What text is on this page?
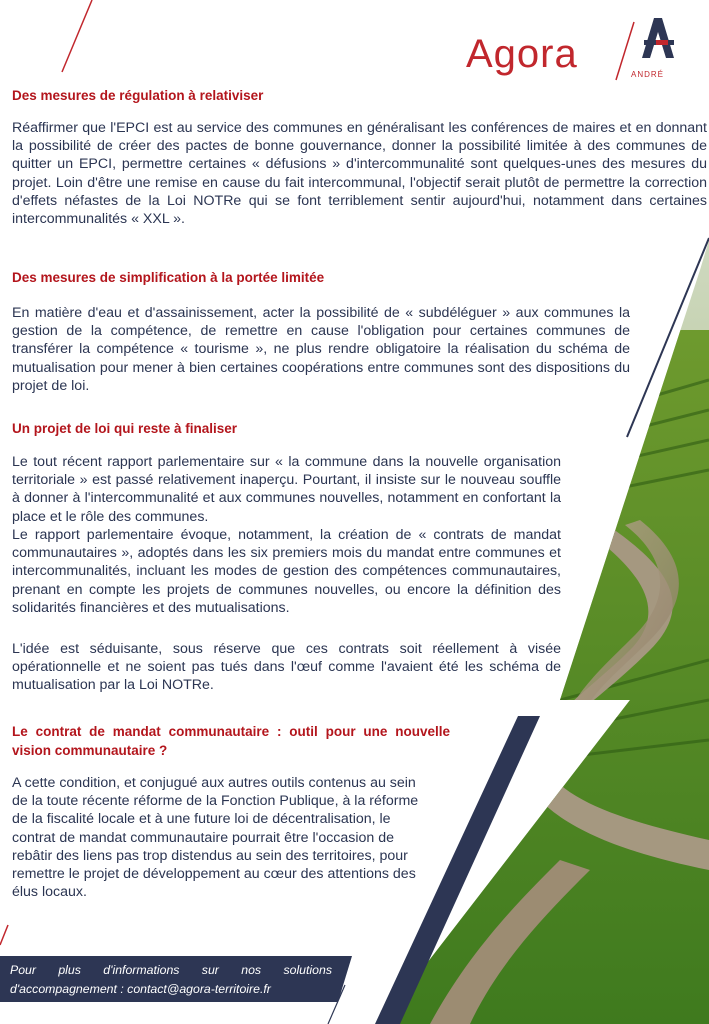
Agora	ANDRÉ
Des mesures de régulation à relativiser

Réaffirmer que l'EPCI est au service des communes en généralisant les conférences de maires et en donnant la possibilité de créer des pactes de bonne gouvernance, donner la possibilité limitée à des communes de quitter un EPCI, permettre certaines « défusions » d'intercommunalité sont quelques-unes des mesures du projet. Loin d'être une remise en cause du fait intercommunal, l'objectif serait plutôt de permettre la correction d'effets néfastes de la Loi NOTRe qui se font terriblement sentir aujourd'hui, notamment dans certaines intercommunalités « XXL ».

Des mesures de simplification à la portée limitée

En matière d'eau et d'assainissement, acter la possibilité de « subdéléguer » aux communes la gestion de la compétence, de remettre en cause l'obligation pour certaines communes de transférer la compétence « tourisme », ne plus rendre obligatoire la réalisation du schéma de mutualisation pour mener à bien certaines coopérations entre communes sont des dispositions du projet de loi.

Un projet de loi qui reste à finaliser

Le tout récent rapport parlementaire sur « la commune dans la nouvelle organisation territoriale » est passé relativement inaperçu. Pourtant, il insiste sur le nouveau souffle à donner à l'intercommunalité et aux communes nouvelles, notamment en confortant la place et le rôle des communes.

Le rapport parlementaire évoque, notamment, la création de « contrats de mandat communautaires », adoptés dans les six premiers mois du mandat entre communes et intercommunalités, incluant les modes de gestion des compétences communautaires, prenant en compte les projets de communes nouvelles, ou encore la définition des solidarités financières et des mutualisations.

L'idée est séduisante, sous réserve que ces contrats soit réellement à visée opérationnelle et ne soient pas tués dans l'œuf comme l'avaient été les schéma de mutualisation par la Loi NOTRe.

Le contrat de mandat communautaire : outil pour une nouvelle vision communautaire ?

A cette condition, et conjugué aux autres outils contenus au sein de la toute récente réforme de la Fonction Publique, à la réforme de la fiscalité locale et à une future loi de décentralisation, le contrat de mandat communautaire pourrait être l'occasion de rebâtir des liens pas trop distendus au sein des territoires, pour remettre le projet de développement au cœur des attentions des élus locaux.

Pour plus d'informations sur nos solutions d'accompagnement : contact@agora-territoire.fr
